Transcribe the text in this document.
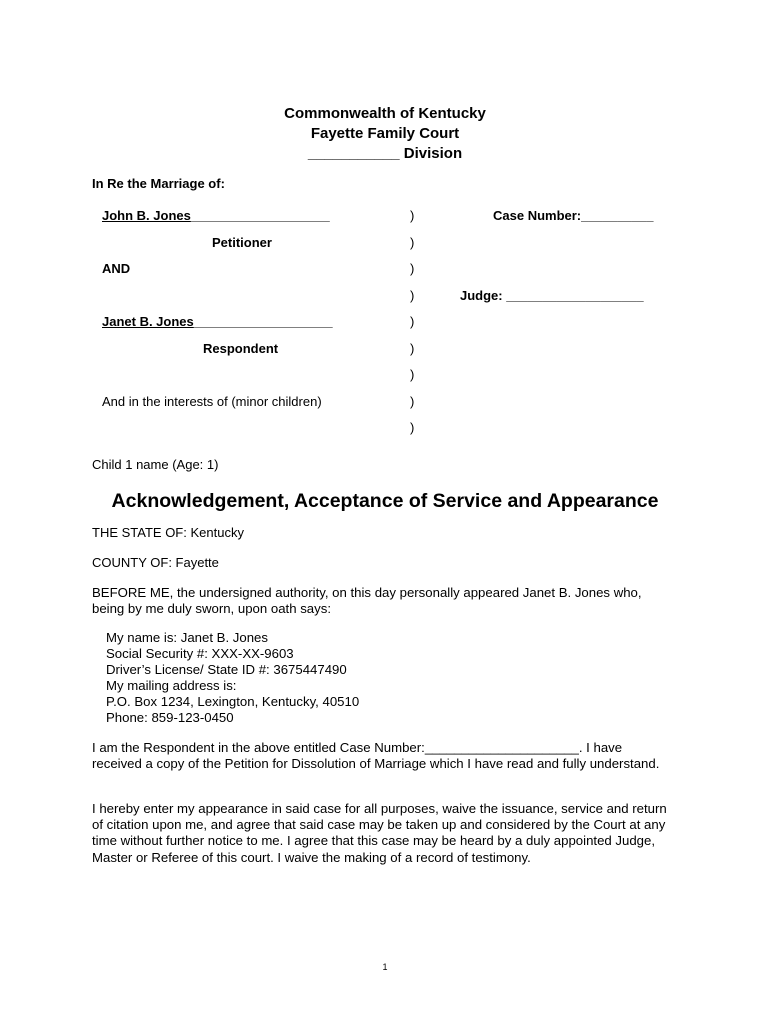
Commonwealth of Kentucky
Fayette Family Court
___________ Division
In Re the Marriage of:
John B. Jones____________________
Petitioner
AND
Janet B. Jones____________________
Respondent
And in the interests of (minor children)
)
)
)
)
)
)
)
)
)
Case Number:__________
Judge: ___________________
Child 1 name (Age: 1)
Acknowledgement, Acceptance of Service and Appearance
THE STATE OF: Kentucky
COUNTY OF: Fayette
BEFORE ME, the undersigned authority, on this day personally appeared Janet B. Jones who, being by me duly sworn, upon oath says:
My name is: Janet B. Jones
Social Security #: XXX-XX-9603
Driver’s License/ State ID #: 3675447490
My mailing address is:
P.O. Box 1234, Lexington, Kentucky, 40510
Phone: 859-123-0450
I am the Respondent in the above entitled Case Number:_____________________. I have received a copy of the Petition for Dissolution of Marriage which I have read and fully understand.
I hereby enter my appearance in said case for all purposes, waive the issuance, service and return of citation upon me, and agree that said case may be taken up and considered by the Court at any time without further notice to me. I agree that this case may be heard by a duly appointed Judge, Master or Referee of this court. I waive the making of a record of testimony.
1
